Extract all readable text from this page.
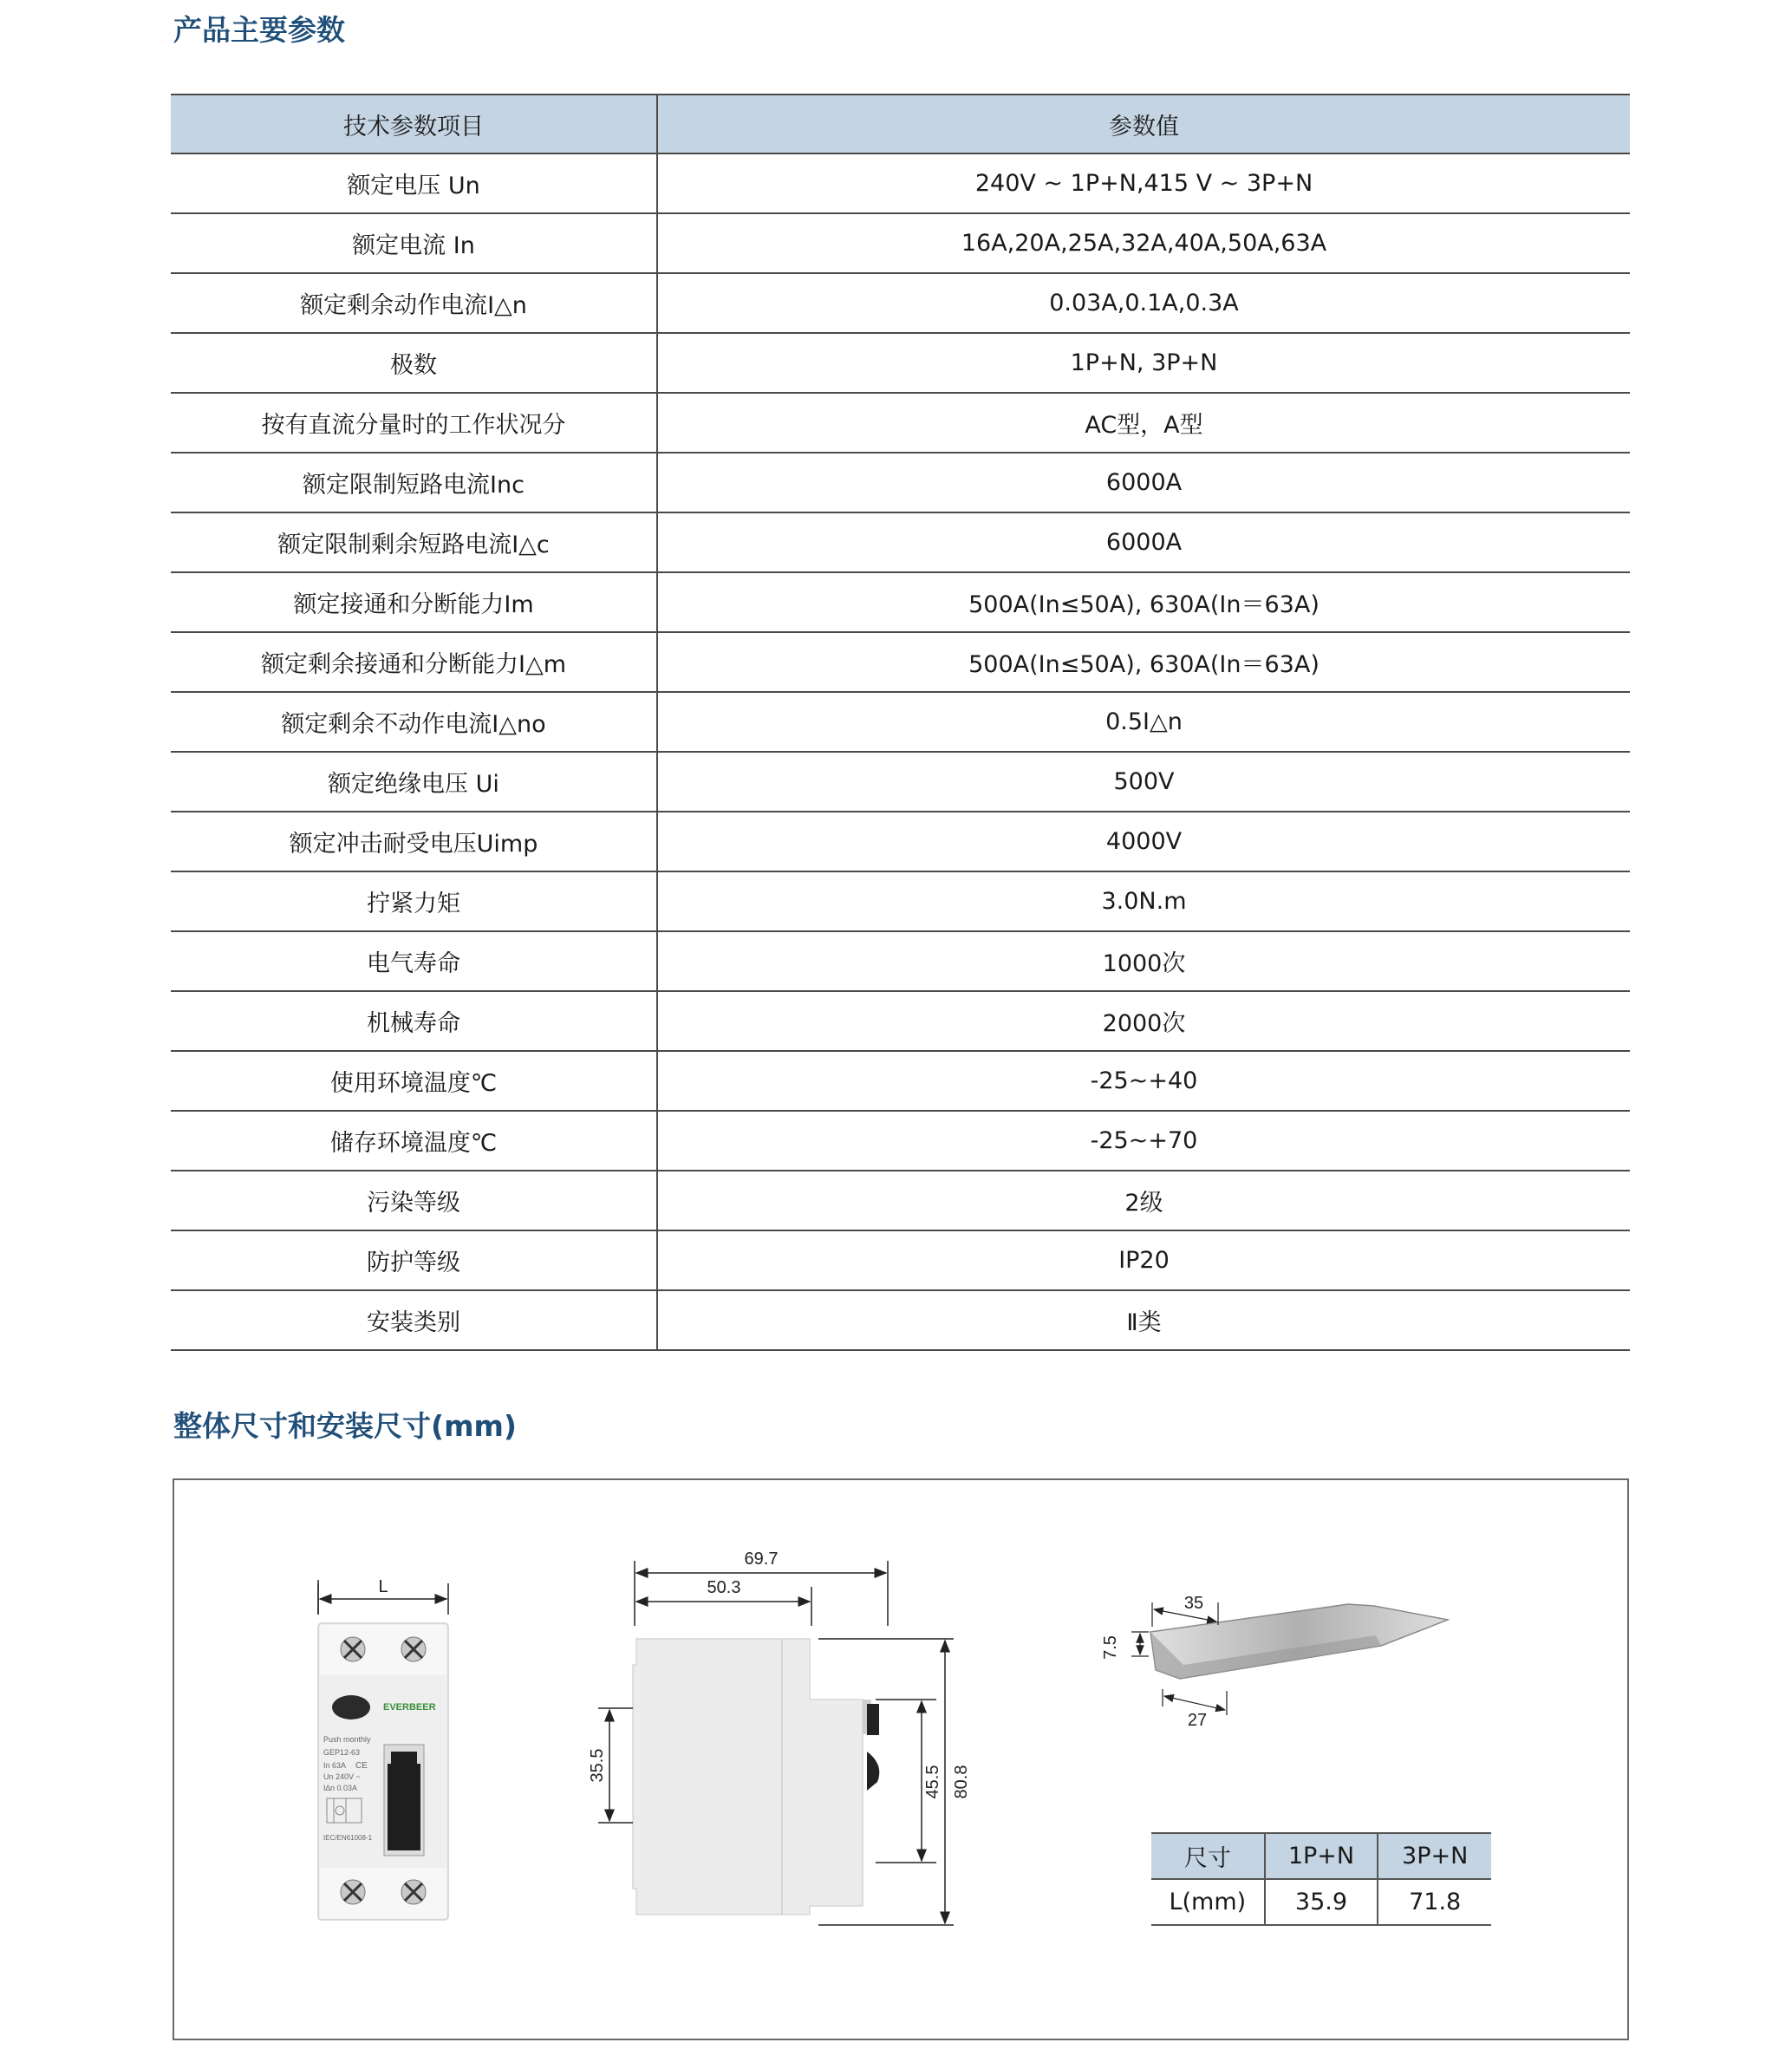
产品主要参数
技术参数项目	参数值
额定电压 Un	240V ~ 1P+N,415 V ~ 3P+N
额定电流 In	16A,20A,25A,32A,40A,50A,63A
额定剩余动作电流I△n	0.03A,0.1A,0.3A
极数	1P+N, 3P+N
按有直流分量时的工作状况分	AC型，A型
额定限制短路电流Inc	6000A
额定限制剩余短路电流I△c	6000A
额定接通和分断能力Im	500A(In≤50A), 630A(In＝63A)
额定剩余接通和分断能力I△m	500A(In≤50A), 630A(In＝63A)
额定剩余不动作电流I△no	0.5I△n
额定绝缘电压 Ui	500V
额定冲击耐受电压Uimp	4000V
拧紧力矩	3.0N.m
电气寿命	1000次
机械寿命	2000次
使用环境温度℃	-25~+40
储存环境温度℃	-25~+70
污染等级	2级
防护等级	IP20
安装类别	Ⅱ类
整体尺寸和安装尺寸(mm)
L
EVERBEER
Push monthly
GEP12-63
In 63A CE
Un 240V ~
I∆n 0.03A
IEC/EN61008-1
69.7
50.3
35.5	45.5 80.8
7.5
35
27
尺寸	1P+N	3P+N
L(mm)	35.9	71.8
